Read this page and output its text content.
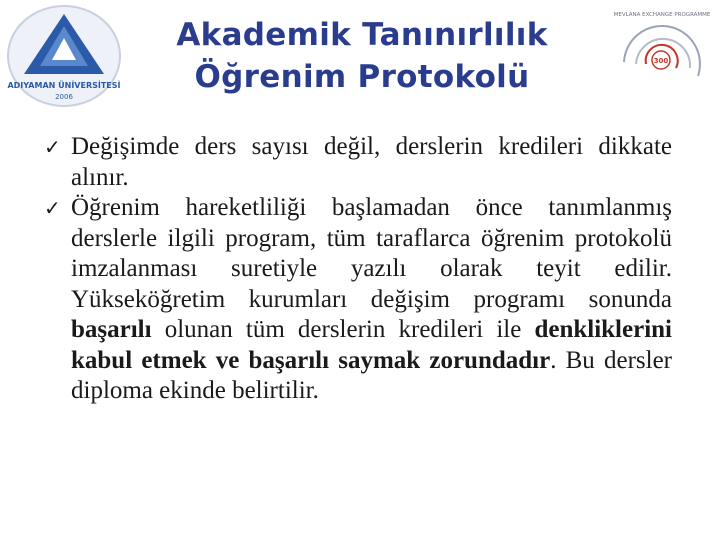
ADIYAMAN ÜNİVERSİTESİ
2006
300
MEVLANA EXCHANGE PROGRAMME
Akademik Tanınırlılık
Öğrenim Protokolü
✓ Değişimde ders sayısı değil, derslerin kredileri dikkate alınır.
✓ Öğrenim hareketliliği başlamadan önce tanımlanmış derslerle ilgili program, tüm taraflarca öğrenim protokolü imzalanması suretiyle yazılı olarak teyit edilir. Yükseköğretim kurumları değişim programı sonunda başarılı olunan tüm derslerin kredileri ile denkliklerini kabul etmek ve başarılı saymak zorundadır. Bu dersler diploma ekinde belirtilir.
